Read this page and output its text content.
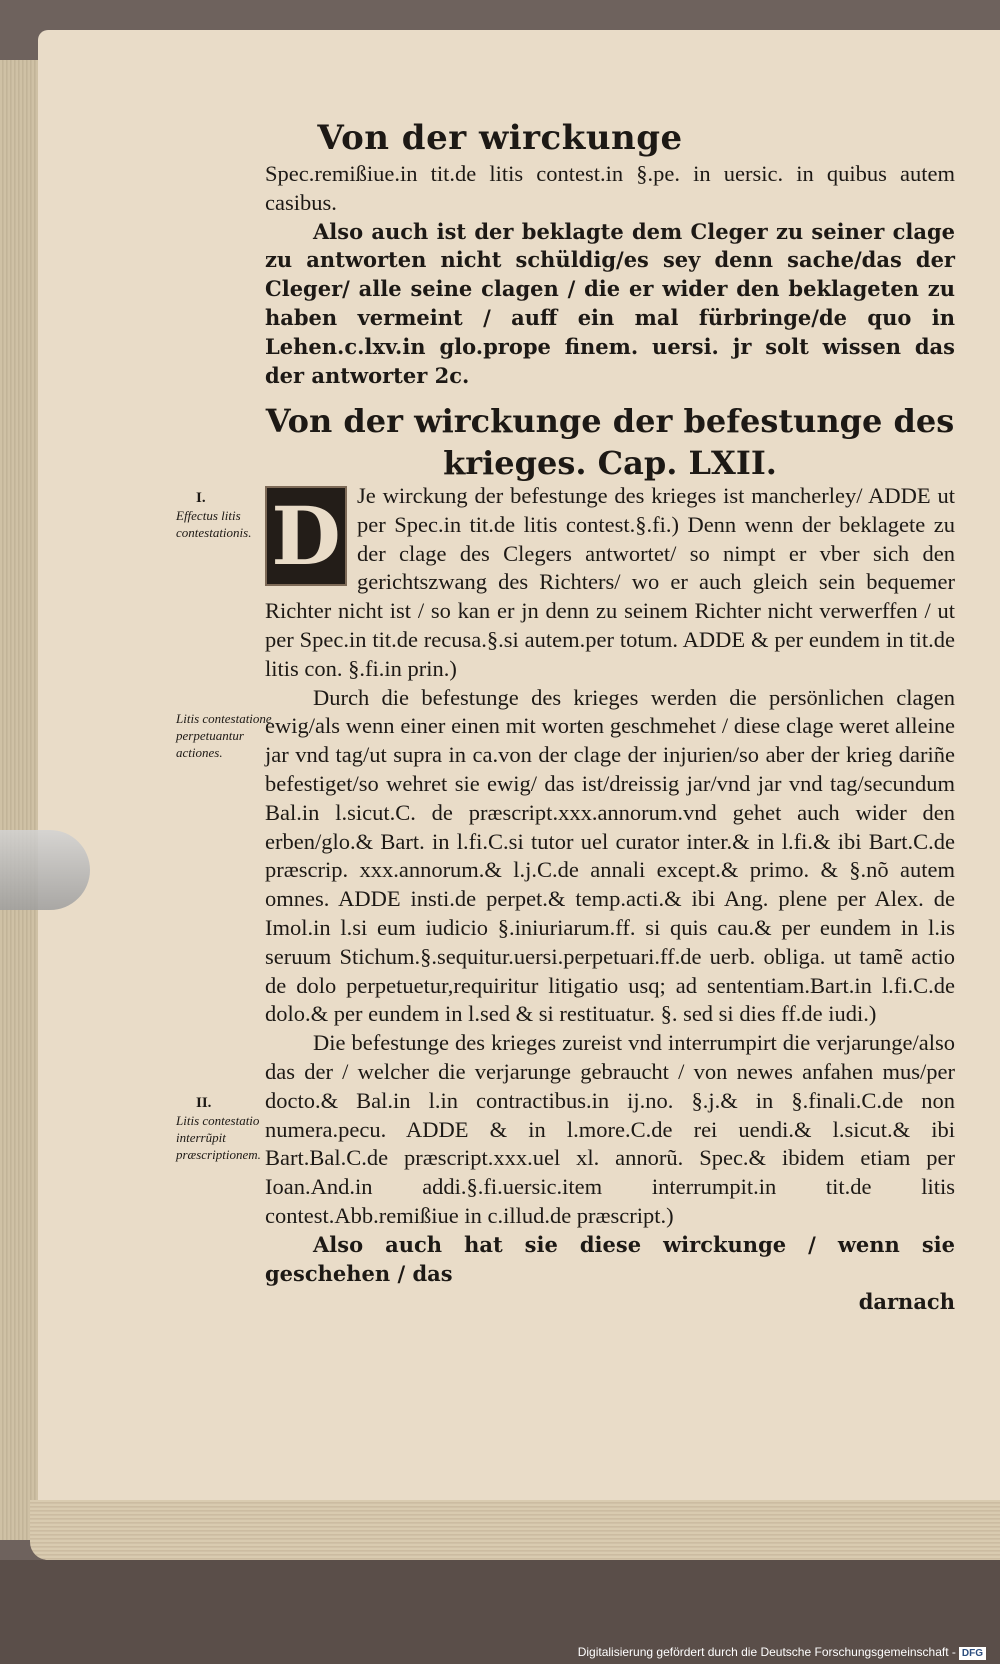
Von der wirckunge

Spec.remißiue.in tit.de litis contest.in §.pe. in uersic. in quibus autem casibus.

Also auch ist der beklagte dem Cleger zu seiner clage zu antworten nicht schüldig/es sey denn sache/das der Cleger/ alle seine clagen / die er wider den beklageten zu haben vermeint / auff ein mal fürbringe/de quo in Lehen.c.lxv.in glo.prope finem. uersi. jr solt wissen das der antworter 2c.

Von der wirckunge der befestunge des krieges. Cap. LXII.
I.
Effectus litis contestationis.
Litis contestatione perpetuantur actiones.
II.
Litis contestatio interrũpit præscriptionem.

D Je wirckung der befestunge des krieges ist mancherley/ ADDE ut per Spec.in tit.de litis contest.§.fi.) Denn wenn der beklagete zu der clage des Clegers antwortet/ so nimpt er vber sich den gerichtszwang des Richters/ wo er auch gleich sein bequemer Richter nicht ist / so kan er jn denn zu seinem Richter nicht verwerffen / ut per Spec.in tit.de recusa.§.si autem.per totum. ADDE & per eundem in tit.de litis con. §.fi.in prin.)

Durch die befestunge des krieges werden die persönlichen clagen ewig/als wenn einer einen mit worten geschmehet / diese clage weret alleine jar vnd tag/ut supra in ca.von der clage der injurien/so aber der krieg dariñe befestiget/so wehret sie ewig/ das ist/dreissig jar/vnd jar vnd tag/secundum Bal.in l.sicut.C. de præscript.xxx.annorum.vnd gehet auch wider den erben/glo.& Bart. in l.fi.C.si tutor uel curator inter.& in l.fi.& ibi Bart.C.de præscrip. xxx.annorum.& l.j.C.de annali except.& primo. & §.nõ autem omnes. ADDE insti.de perpet.& temp.acti.& ibi Ang. plene per Alex. de Imol.in l.si eum iudicio §.iniuriarum.ff. si quis cau.& per eundem in l.is seruum Stichum.§.sequitur.uersi.perpetuari.ff.de uerb. obliga. ut tamẽ actio de dolo perpetuetur,requiritur litigatio usq; ad sententiam.Bart.in l.fi.C.de dolo.& per eundem in l.sed & si restituatur. §. sed si dies ff.de iudi.)

Die befestunge des krieges zureist vnd interrumpirt die verjarunge/also das der / welcher die verjarunge gebraucht / von newes anfahen mus/per docto.& Bal.in l.in contractibus.in ij.no. §.j.& in §.finali.C.de non numera.pecu. ADDE & in l.more.C.de rei uendi.& l.sicut.& ibi Bart.Bal.C.de præscript.xxx.uel xl. annorũ. Spec.& ibidem etiam per Ioan.And.in addi.§.fi.uersic.item interrumpit.in tit.de litis contest.Abb.remißiue in c.illud.de præscript.)

Also auch hat sie diese wirckunge / wenn sie geschehen / das

darnach

Digitalisierung gefördert durch die Deutsche Forschungsgemeinschaft - DFG
